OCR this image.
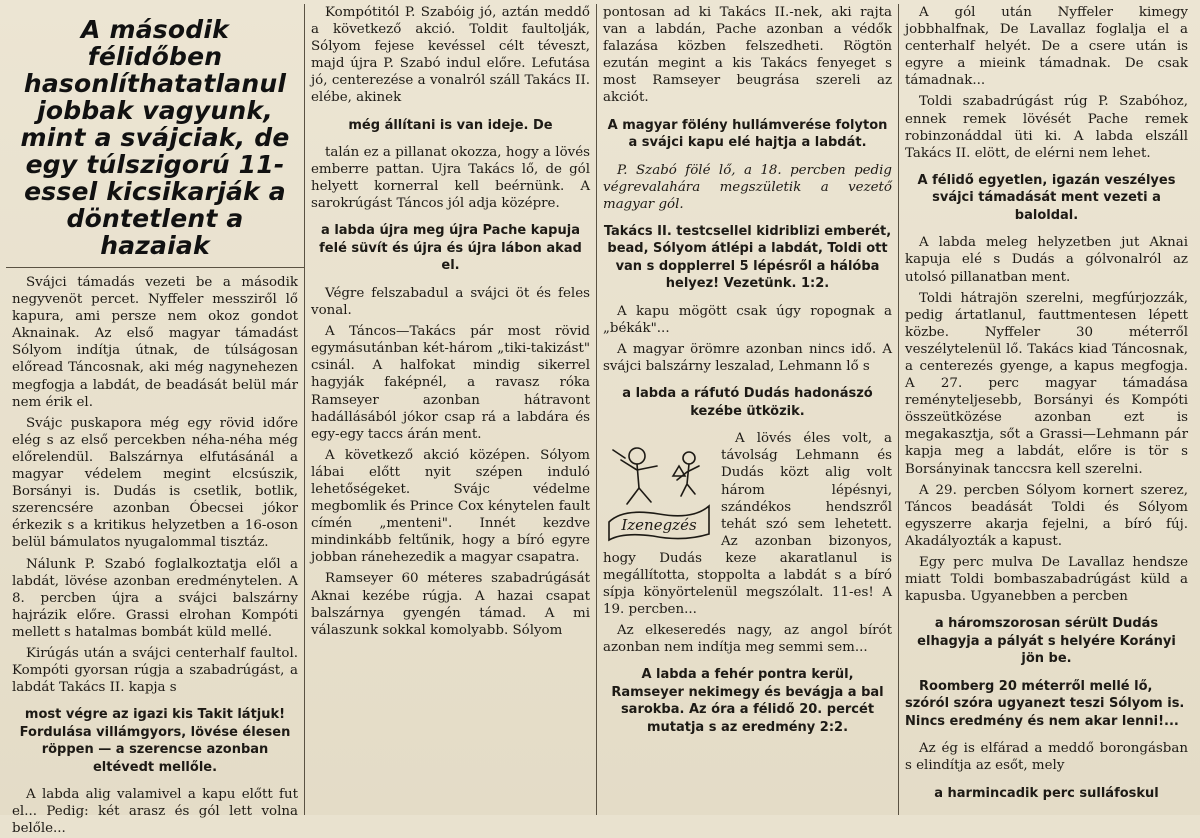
A második félidőben hasonlíthatatlanul jobbak vagyunk, mint a svájciak, de egy túlszigorú 11-essel kicsikarják a döntetlent a hazaiak

Svájci támadás vezeti be a második negyvenöt percet. Nyffeler messziről lő kapura, ami persze nem okoz gondot Aknainak. Az első magyar támadást Sólyom indítja útnak, de túlságosan előread Táncosnak, aki még nagynehezen megfogja a labdát, de beadását belül már nem érik el.

Svájc puskapora még egy rövid időre elég s az első percekben néha-néha még előrelendül. Balszárnya elfutásánál a magyar védelem megint elcsúszik, Borsányi is. Dudás is csetlik, botlik, szerencsére azonban Óbecsei jókor érkezik s a kritikus helyzetben a 16-oson belül bámulatos nyugalommal tisztáz.

Nálunk P. Szabó foglalkoztatja elől a labdát, lövése azonban eredménytelen. A 8. percben újra a svájci balszárny hajrázik előre. Grassi elrohan Kompóti mellett s hatalmas bombát küld mellé.

Kirúgás után a svájci centerhalf faultol. Kompóti gyorsan rúgja a szabadrúgást, a labdát Takács II. kapja s

most végre az igazi kis Takit látjuk! Fordulása villámgyors, lövése élesen röppen — a szerencse azonban eltévedt mellőle.

A labda alig valamivel a kapu előtt fut el... Pedig: két arasz és gól lett volna belőle...

Kompótitól P. Szabóig jó, aztán meddő a következő akció. Toldit faultolják, Sólyom fejese kevéssel célt téveszt, majd újra P. Szabó indul előre. Lefutása jó, centerezése a vonalról száll Takács II. elébe, akinek

még állítani is van ideje. De

talán ez a pillanat okozza, hogy a lövés emberre pattan. Ujra Takács lő, de gól helyett kornerral kell beérnünk. A sarokrúgást Táncos jól adja középre.

a labda újra meg újra Pache kapuja felé süvít és újra és újra lábon akad el.

Végre felszabadul a svájci öt és feles vonal.

A Táncos—Takács pár most rövid egymásutánban két-három „tiki-takizást" csinál. A halfokat mindig sikerrel hagyják faképnél, a ravasz róka Ramseyer azonban hátravont hadállásából jókor csap rá a labdára és egy-egy taccs árán ment.

A következő akció középen. Sólyom lábai előtt nyit szépen induló lehetőségeket. Svájc védelme megbomlik és Prince Cox kénytelen fault címén „menteni". Innét kezdve mindinkább feltűnik, hogy a bíró egyre jobban ránehezedik a magyar csapatra.

Ramseyer 60 méteres szabadrúgását Aknai kezébe rúgja. A hazai csapat balszárnya gyengén támad. A mi válaszunk sokkal komolyabb. Sólyom

pontosan ad ki Takács II.-nek, aki rajta van a labdán, Pache azonban a védők falazása közben felszedheti. Rögtön ezután megint a kis Takács fenyeget s most Ramseyer beugrása szereli az akciót.

A magyar fölény hullámverése folyton a svájci kapu elé hajtja a labdát.

P. Szabó fölé lő, a 18. percben pedig végrevalahára megszületik a vezető magyar gól.

Takács II. testcsellel kidriblizi emberét, bead, Sólyom átlépi a labdát, Toldi ott van s dopplerrel 5 lépésről a hálóba helyez! Vezetünk. 1:2.

A kapu mögött csak úgy ropognak a „békák"...

A magyar örömre azonban nincs idő. A svájci balszárny leszalad, Lehmann lő s

a labda a ráfutó Dudás hadonászó kezébe ütközik.

Izenegzés

A lövés éles volt, a távolság Lehmann és Dudás közt alig volt három lépésnyi, szándékos hendszről tehát szó sem lehetett. Az azonban bizonyos, hogy Dudás keze akaratlanul is megállította, stoppolta a labdát s a bíró sípja könyörtelenül megszólalt. 11-es! A 19. percben...

Az elkeseredés nagy, az angol bírót azonban nem indítja meg semmi sem...

A labda a fehér pontra kerül, Ramseyer nekimegy és bevágja a bal sarokba. Az óra a félidő 20. percét mutatja s az eredmény 2:2.

A gól után Nyffeler kimegy jobbhalfnak, De Lavallaz foglalja el a centerhalf helyét. De a csere után is egyre a mieink támadnak. De csak támadnak...

Toldi szabadrúgást rúg P. Szabóhoz, ennek remek lövését Pache remek robinzonáddal üti ki. A labda elszáll Takács II. elött, de elérni nem lehet.

A félidő egyetlen, igazán veszélyes svájci támadását ment vezeti a baloldal.

A labda meleg helyzetben jut Aknai kapuja elé s Dudás a gólvonalról az utolsó pillanatban ment.

Toldi hátrajön szerelni, megfúrjozzák, pedig ártatlanul, fauttmentesen lépett közbe. Nyffeler 30 méterről veszélytelenül lő. Takács kiad Táncosnak, a centerezés gyenge, a kapus megfogja. A 27. perc magyar támadása reményteljesebb, Borsányi és Kompóti összeütközése azonban ezt is megakasztja, sőt a Grassi—Lehmann pár kapja meg a labdát, előre is tör s Borsányinak tanccsra kell szerelni.

A 29. percben Sólyom kornert szerez, Táncos beadását Toldi és Sólyom egyszerre akarja fejelni, a bíró fúj. Akadályozták a kapust.

Egy perc mulva De Lavallaz hendsze miatt Toldi bombaszabadrúgást küld a kapusba. Ugyanebben a percben

a háromszorosan sérült Dudás elhagyja a pályát s helyére Korányi jön be.

Roomberg 20 méterről mellé lő, szóról szóra ugyanezt teszi Sólyom is. Nincs eredmény és nem akar lenni!...

Az ég is elfárad a meddő borongásban s elindítja az esőt, mely

a harmincadik perc sulláfoskul
